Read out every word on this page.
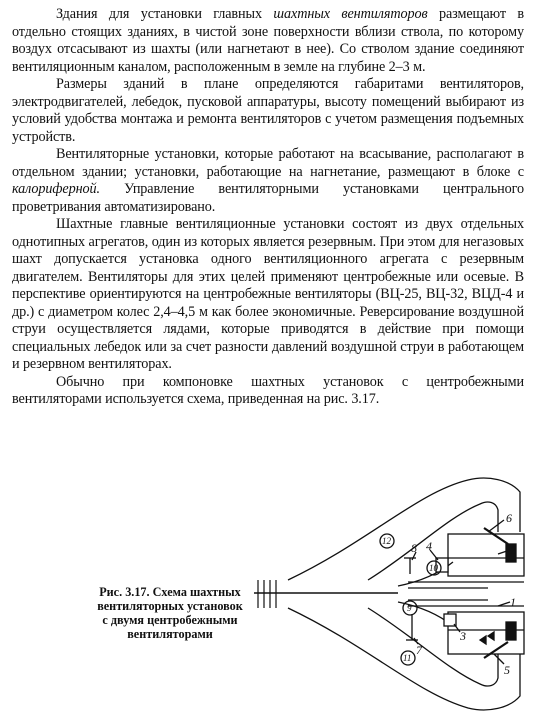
Здания для установки главных шахтных вентиляторов размещают в отдельно стоящих зданиях, в чистой зоне поверхности вблизи ствола, по которому воздух отсасывают из шахты (или нагнетают в нее). Со стволом здание соединяют вентиляционным каналом, расположенным в земле на глубине 2–3 м.

Размеры зданий в плане определяются габаритами вентиляторов, электродвигателей, лебедок, пусковой аппаратуры, высоту помещений выбирают из условий удобства монтажа и ремонта вентиляторов с учетом размещения подъемных устройств.

Вентиляторные установки, которые работают на всасывание, располагают в отдельном здании; установки, работающие на нагнетание, размещают в блоке с калориферной. Управление вентиляторными установками центрального проветривания автоматизировано.

Шахтные главные вентиляционные установки состоят из двух отдельных однотипных агрегатов, один из которых является резервным. При этом для негазовых шахт допускается установка одного вентиляционного агрегата с резервным двигателем. Вентиляторы для этих целей применяют центробежные или осевые. В перспективе ориентируются на центробежные вентиляторы (ВЦ-25, ВЦ-32, ВЦД-4 и др.) с диаметром колес 2,4–4,5 м как более экономичные. Реверсирование воздушной струи осуществляется лядами, которые приводятся в действие при помощи специальных лебедок или за счет разности давлений воздушной струи в работающем и резервном вентиляторах.

Обычно при компоновке шахтных установок с центробежными вентиляторами используется схема, приведенная на рис. 3.17.

Рис. 3.17. Схема шахтных вентиляторных установок с двумя центробежными вентиляторами
6
2
1
5
8 4
3
7
12
10
9
11
